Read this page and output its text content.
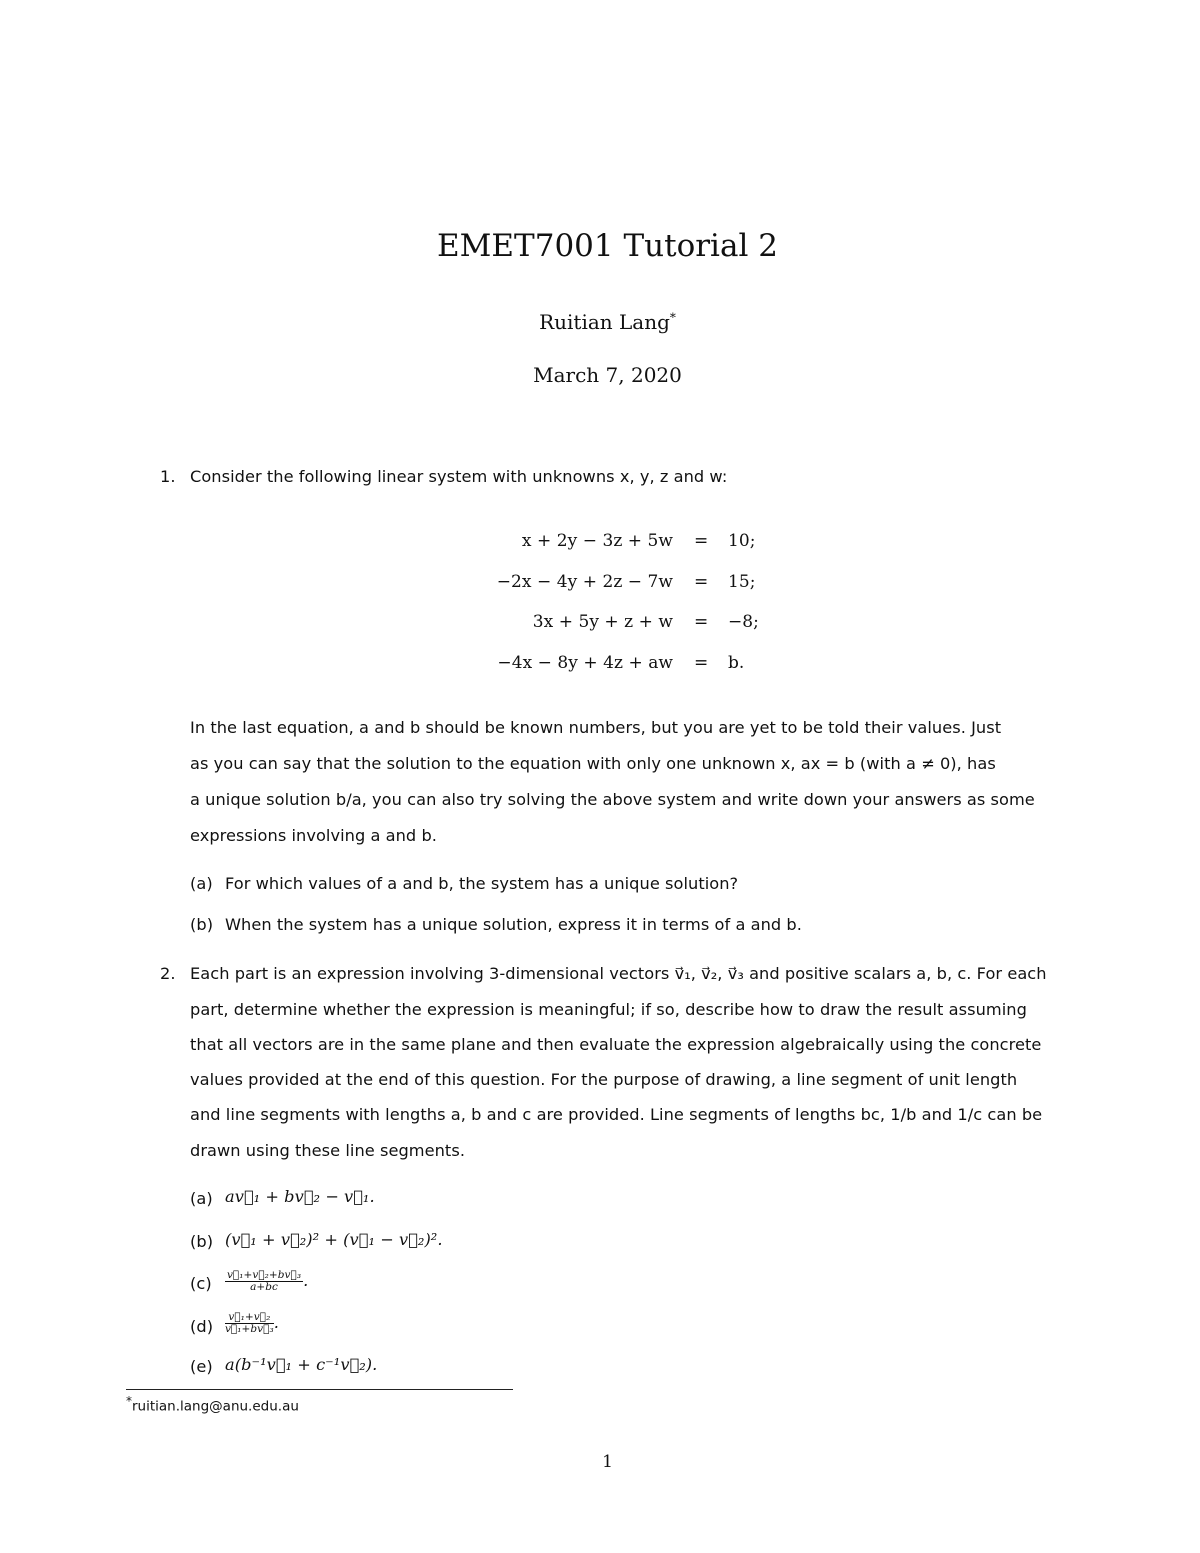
EMET7001 Tutorial 2
Ruitian Lang*
March 7, 2020
1. Consider the following linear system with unknowns x, y, z and w:
x + 2y − 3z + 5w = 10;
−2x − 4y + 2z − 7w = 15;
3x + 5y + z + w = −8;
−4x − 8y + 4z + aw = b.
In the last equation, a and b should be known numbers, but you are yet to be told their values. Just
as you can say that the solution to the equation with only one unknown x, ax = b (with a ≠ 0), has
a unique solution b/a, you can also try solving the above system and write down your answers as some
expressions involving a and b.
(a) For which values of a and b, the system has a unique solution?
(b) When the system has a unique solution, express it in terms of a and b.
2. Each part is an expression involving 3-dimensional vectors v⃗₁, v⃗₂, v⃗₃ and positive scalars a, b, c. For each
part, determine whether the expression is meaningful; if so, describe how to draw the result assuming
that all vectors are in the same plane and then evaluate the expression algebraically using the concrete
values provided at the end of this question. For the purpose of drawing, a line segment of unit length
and line segments with lengths a, b and c are provided. Line segments of lengths bc, 1/b and 1/c can be
drawn using these line segments.
(a) av⃗₁ + bv⃗₂ − v⃗₁.
(b) (v⃗₁ + v⃗₂)² + (v⃗₁ − v⃗₂)².
$(c) \frac{\text{v⃗₁+v⃗₂+bv⃗₃}}{a+bc}$ .
$(d) \frac{\text{v⃗₁+v⃗₂}}{\text{v⃗₁+bv⃗₃}}$ .
(e) a(b⁻¹v⃗₁ + c⁻¹v⃗₂).
*ruitian.lang@anu.edu.au
1
